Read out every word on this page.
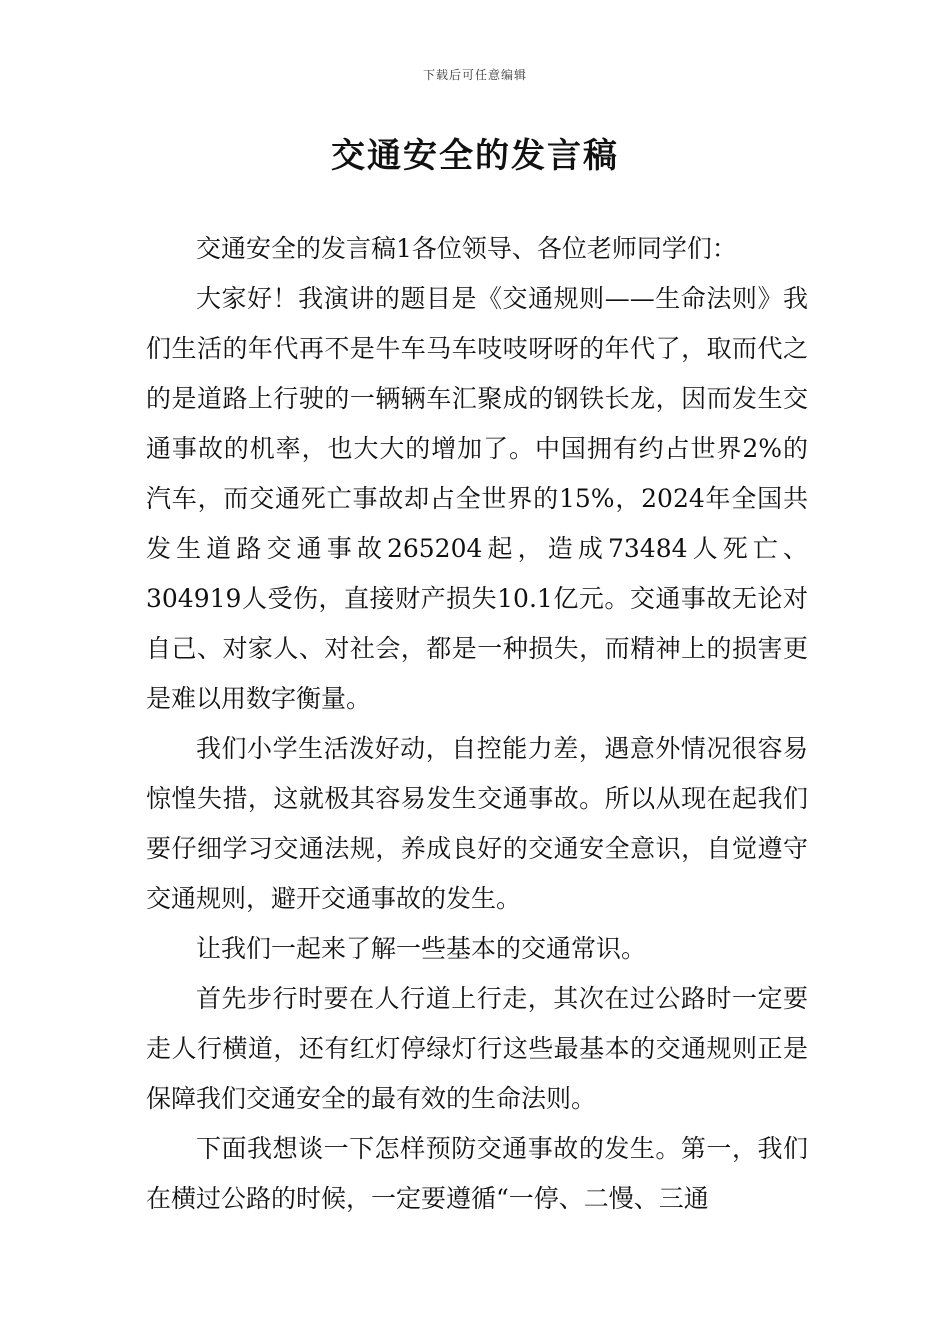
下载后可任意编辑
交通安全的发言稿

交通安全的发言稿1各位领导、各位老师同学们：

大家好！我演讲的题目是《交通规则——生命法则》我们生活的年代再不是牛车马车吱吱呀呀的年代了，取而代之的是道路上行驶的一辆辆车汇聚成的钢铁长龙，因而发生交通事故的机率，也大大的增加了。中国拥有约占世界2%的汽车，而交通死亡事故却占全世界的15%，2024年全国共发生道路交通事故265204起，造成73484人死亡、304919人受伤，直接财产损失10.1亿元。交通事故无论对自己、对家人、对社会，都是一种损失，而精神上的损害更是难以用数字衡量。

我们小学生活泼好动，自控能力差，遇意外情况很容易惊惶失措，这就极其容易发生交通事故。所以从现在起我们要仔细学习交通法规，养成良好的交通安全意识，自觉遵守交通规则，避开交通事故的发生。

让我们一起来了解一些基本的交通常识。

首先步行时要在人行道上行走，其次在过公路时一定要走人行横道，还有红灯停绿灯行这些最基本的交通规则正是保障我们交通安全的最有效的生命法则。

下面我想谈一下怎样预防交通事故的发生。第一，我们在横过公路的时候，一定要遵循“一停、二慢、三通
